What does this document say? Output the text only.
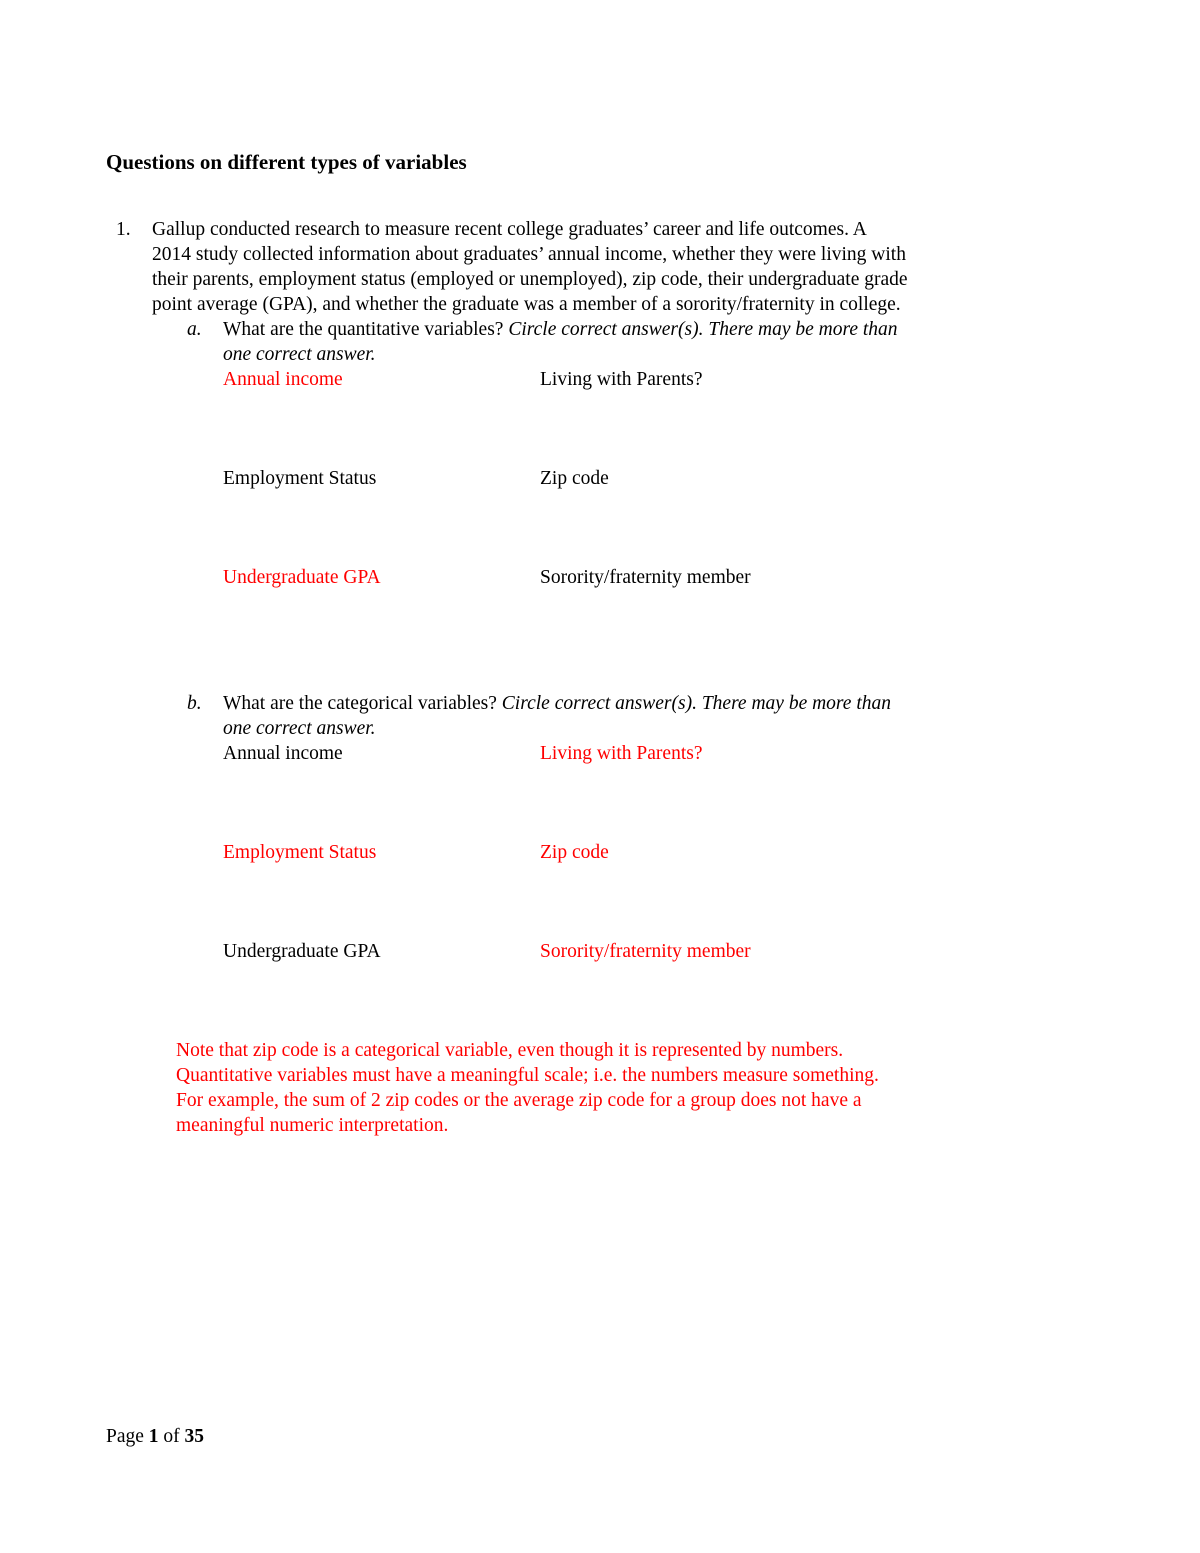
Questions on different types of variables
1. Gallup conducted research to measure recent college graduates’ career and life outcomes. A
2014 study collected information about graduates’ annual income, whether they were living with
their parents, employment status (employed or unemployed), zip code, their undergraduate grade
point average (GPA), and whether the graduate was a member of a sorority/fraternity in college.
a. What are the quantitative variables? Circle correct answer(s). There may be more than
one correct answer.
Annual income	Living with Parents?
Employment Status	Zip code
Undergraduate GPA	Sorority/fraternity member
b. What are the categorical variables? Circle correct answer(s). There may be more than
one correct answer.
Annual income	Living with Parents?
Employment Status	Zip code
Undergraduate GPA	Sorority/fraternity member
Note that zip code is a categorical variable, even though it is represented by numbers.
Quantitative variables must have a meaningful scale; i.e. the numbers measure something.
For example, the sum of 2 zip codes or the average zip code for a group does not have a
meaningful numeric interpretation.
Page 1 of 35
